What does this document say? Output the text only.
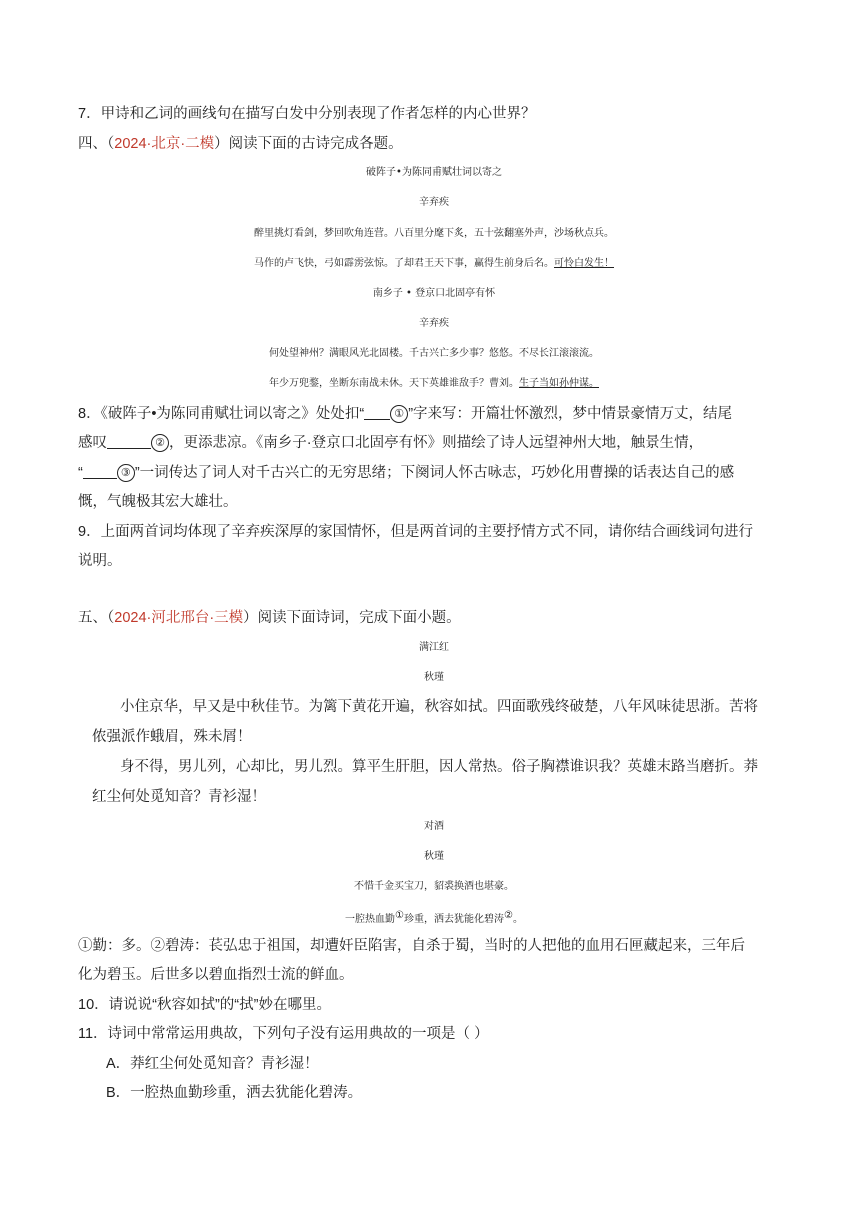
7．甲诗和乙词的画线句在描写白发中分别表现了作者怎样的内心世界？
四、（2024·北京·二模）阅读下面的古诗完成各题。
破阵子•为陈同甫赋壮词以寄之
辛弃疾
醉里挑灯看剑，梦回吹角连营。八百里分麾下炙，五十弦翻塞外声，沙场秋点兵。
马作的卢飞快，弓如霹雳弦惊。了却君王天下事，赢得生前身后名。可怜白发生！
南乡子 • 登京口北固亭有怀
辛弃疾
何处望神州？满眼风光北固楼。千古兴亡多少事？悠悠。不尽长江滚滚流。
年少万兜鍪，坐断东南战未休。天下英雄谁敌手？曹刘。生子当如孙仲谋。
8．《破阵子•为陈同甫赋壮词以寄之》处处扣“	① ”字来写：开篇壮怀激烈，梦中情景豪情万丈，结尾
感叹	② ，更添悲凉。《南乡子·登京口北固亭有怀》则描绘了诗人远望神州大地，触景生情，
“	③ ”一词传达了词人对千古兴亡的无穷思绪；下阕词人怀古咏志，巧妙化用曹操的话表达自己的感
慨，气魄极其宏大雄壮。
9．上面两首词均体现了辛弃疾深厚的家国情怀，但是两首词的主要抒情方式不同，请你结合画线词句进行
说明。
五、（2024·河北邢台·三模）阅读下面诗词，完成下面小题。
满江红
秋瑾
小住京华，早又是中秋佳节。为篱下黄花开遍，秋容如拭。四面歌残终破楚，八年风味徒思浙。苦将
侬强派作蛾眉，殊未屑！
身不得，男儿列，心却比，男儿烈。算平生肝胆，因人常热。俗子胸襟谁识我？英雄末路当磨折。莽
红尘何处觅知音？青衫湿！
对酒
秋瑾
不惜千金买宝刀，貂裘换酒也堪豪。
一腔热血勤①珍重，洒去犹能化碧涛②。
①勤：多。②碧涛：苌弘忠于祖国，却遭奸臣陷害，自杀于蜀，当时的人把他的血用石匣藏起来，三年后
化为碧玉。后世多以碧血指烈士流的鲜血。
10．请说说“秋容如拭”的“拭”妙在哪里。
11．诗词中常常运用典故，下列句子没有运用典故的一项是（ ）
A．莽红尘何处觅知音？青衫湿！
B．一腔热血勤珍重，洒去犹能化碧涛。
